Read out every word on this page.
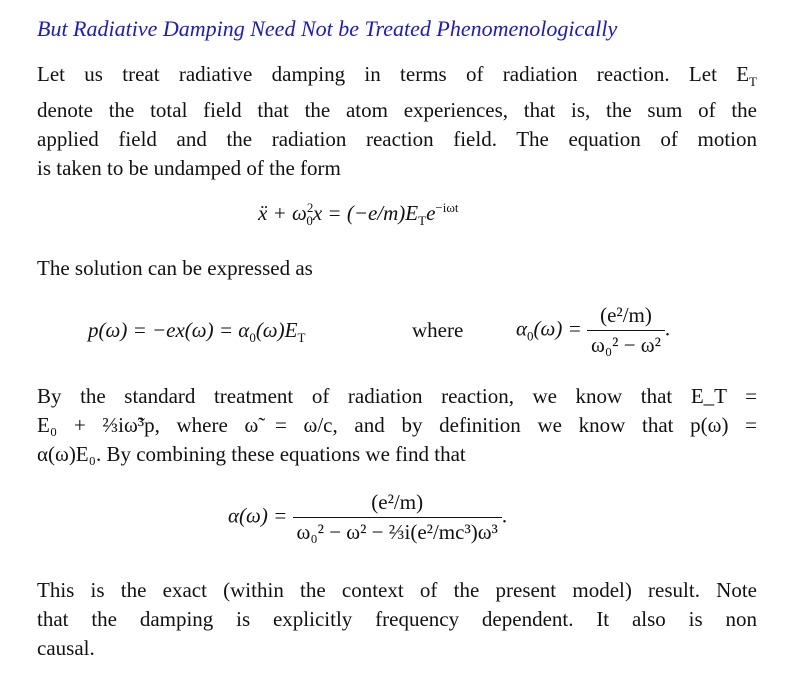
But Radiative Damping Need Not be Treated Phenomenologically
Let us treat radiative damping in terms of radiation reaction. Let $E_T$
denote the total field that the atom experiences, that is, the sum of the
applied field and the radiation reaction field. The equation of motion
is taken to be undamped of the form
ẍ + $\omega^2_0x = (-e/m)E_Te^{-i\omega t}$
The solution can be expressed as
$p(\omega) = -ex(\omega) = \alpha_0(\omega)E_T$	where	$\alpha_0(\omega) = \frac{\text{(e²/m)}}{\text{ω₀² − ω²}}$ .
By the standard treatment of radiation reaction, we know that E_T =
E₀ + ⅔iω̃³p, where ω̃ = ω/c, and by definition we know that p(ω) =
α(ω)E₀. By combining these equations we find that
$\alpha(\omega) = \frac{\text{(e²/m)}}{\text{ω₀² − ω² − ⅔i(e²/mc³)ω³}}$ .
This is the exact (within the context of the present model) result. Note
that the damping is explicitly frequency dependent. It also is non
causal.
